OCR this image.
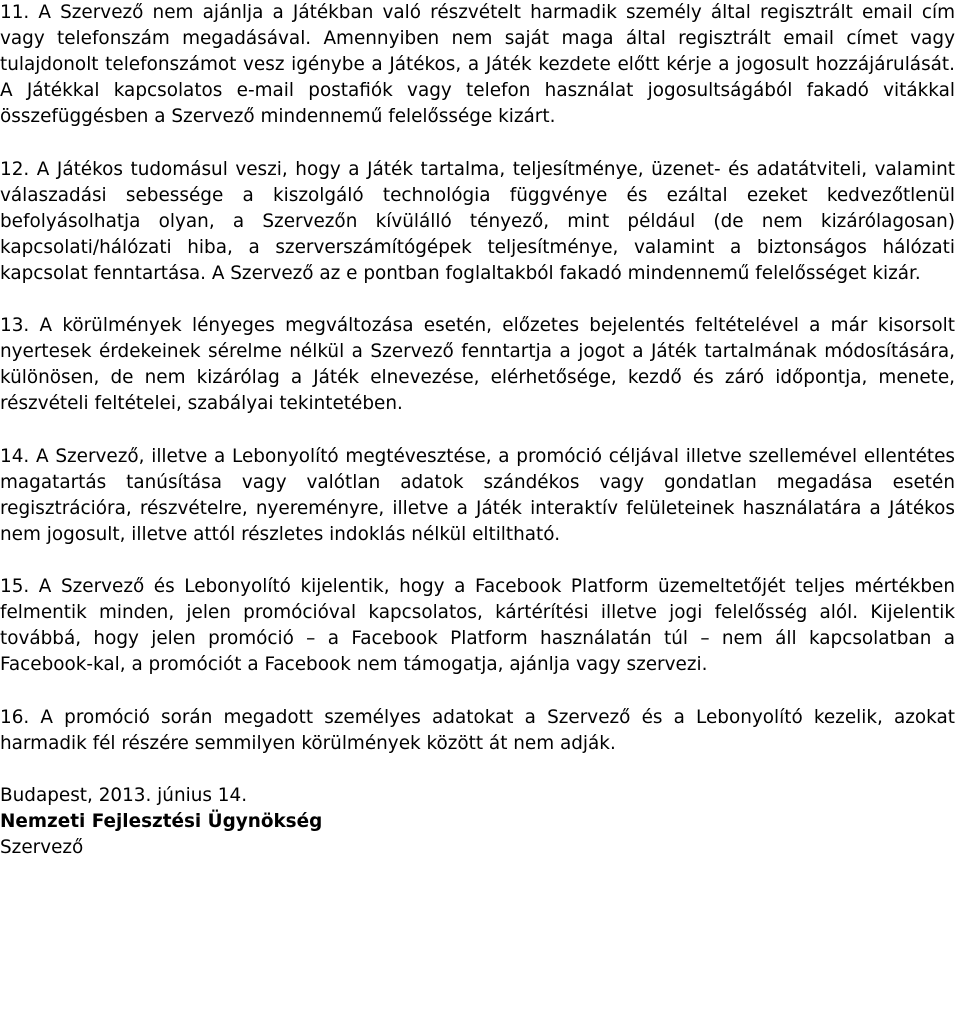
11. A Szervező nem ajánlja a Játékban való részvételt harmadik személy által regisztrált email cím vagy telefonszám megadásával. Amennyiben nem saját maga által regisztrált email címet vagy tulajdonolt telefonszámot vesz igénybe a Játékos, a Játék kezdete előtt kérje a jogosult hozzájárulását. A Játékkal kapcsolatos e-mail postafiók vagy telefon használat jogosultságából fakadó vitákkal összefüggésben a Szervező mindennemű felelőssége kizárt.

12. A Játékos tudomásul veszi, hogy a Játék tartalma, teljesítménye, üzenet- és adatátviteli, valamint válaszadási sebessége a kiszolgáló technológia függvénye és ezáltal ezeket kedvezőtlenül befolyásolhatja olyan, a Szervezőn kívülálló tényező, mint például (de nem kizárólagosan) kapcsolati/hálózati hiba, a szerverszámítógépek teljesítménye, valamint a biztonságos hálózati kapcsolat fenntartása. A Szervező az e pontban foglaltakból fakadó mindennemű felelősséget kizár.

13. A körülmények lényeges megváltozása esetén, előzetes bejelentés feltételével a már kisorsolt nyertesek érdekeinek sérelme nélkül a Szervező fenntartja a jogot a Játék tartalmának módosítására, különösen, de nem kizárólag a Játék elnevezése, elérhetősége, kezdő és záró időpontja, menete, részvételi feltételei, szabályai tekintetében.

14. A Szervező, illetve a Lebonyolító megtévesztése, a promóció céljával illetve szellemével ellentétes magatartás tanúsítása vagy valótlan adatok szándékos vagy gondatlan megadása esetén regisztrációra, részvételre, nyereményre, illetve a Játék interaktív felületeinek használatára a Játékos nem jogosult, illetve attól részletes indoklás nélkül eltiltható.

15. A Szervező és Lebonyolító kijelentik, hogy a Facebook Platform üzemeltetőjét teljes mértékben felmentik minden, jelen promócióval kapcsolatos, kártérítési illetve jogi felelősség alól. Kijelentik továbbá, hogy jelen promóció – a Facebook Platform használatán túl – nem áll kapcsolatban a Facebook-kal, a promóciót a Facebook nem támogatja, ajánlja vagy szervezi.

16. A promóció során megadott személyes adatokat a Szervező és a Lebonyolító kezelik, azokat harmadik fél részére semmilyen körülmények között át nem adják.

Budapest, 2013. június 14.

Nemzeti Fejlesztési Ügynökség

Szervező
